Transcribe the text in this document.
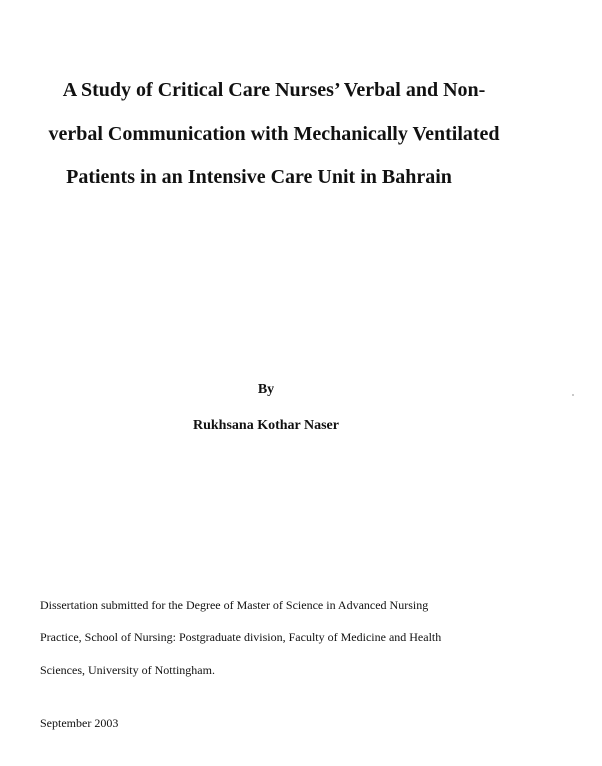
A Study of Critical Care Nurses’ Verbal and Non-
verbal Communication with Mechanically Ventilated
Patients in an Intensive Care Unit in Bahrain
By
Rukhsana Kothar Naser
Dissertation submitted for the Degree of Master of Science in Advanced Nursing
Practice, School of Nursing: Postgraduate division, Faculty of Medicine and Health
Sciences, University of Nottingham.
September 2003
